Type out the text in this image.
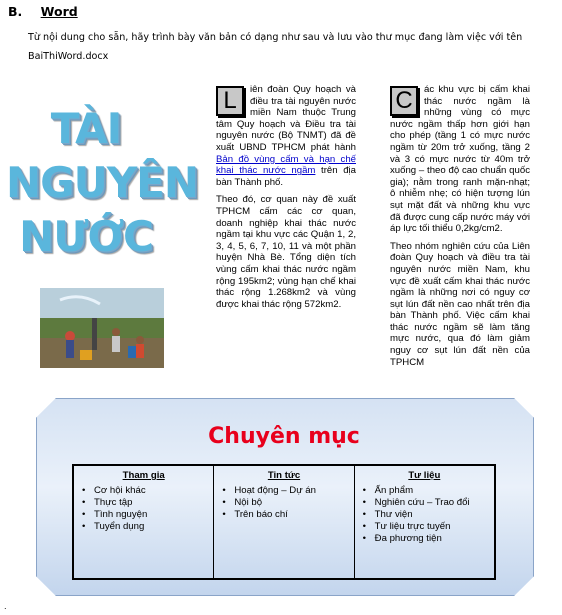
B. Word
Từ nội dung cho sẵn, hãy trình bày văn bản có dạng như sau và lưu vào thư mục đang làm việc với tên BaiThiWord.docx
TÀI
NGUYÊN
NƯỚC

L	iên đoàn Quy hoạch và điều tra tài nguyên nước miền Nam thuộc Trung tâm Quy hoạch và Điều tra tài nguyên nước (Bộ TNMT) đã đề xuất UBND TPHCM phát hành Bản đồ vùng cấm và hạn chế khai thác nước ngầm trên địa bàn Thành phố.

Theo đó, cơ quan này đề xuất TPHCM cấm các cơ quan, doanh nghiệp khai thác nước ngầm tại khu vực các Quận 1, 2, 3, 4, 5, 6, 7, 10, 11 và một phần huyện Nhà Bè. Tổng diện tích vùng cấm khai thác nước ngầm rộng 195km2; vùng hạn chế khai thác rộng 1.268km2 và vùng được khai thác rộng 572km2.

C	ác khu vực bị cấm khai thác nước ngầm là những vùng có mực nước ngầm thấp hơn giới hạn cho phép (tầng 1 có mực nước ngầm từ 20m trở xuống, tầng 2 và 3 có mực nước từ 40m trở xuống – theo độ cao chuẩn quốc gia); nằm trong ranh mặn-nhạt; ô nhiễm nhẹ; có hiện tượng lún sụt mặt đất và những khu vực đã được cung cấp nước máy với áp lực tối thiểu 0,2kg/cm2.

Theo nhóm nghiên cứu của Liên đoàn Quy hoạch và điều tra tài nguyên nước miền Nam, khu vực đề xuất cấm khai thác nước ngầm là những nơi có nguy cơ sụt lún đất nền cao nhất trên địa bàn Thành phố. Việc cấm khai thác nước ngầm sẽ làm tăng mực nước, qua đó làm giảm nguy cơ sụt lún đất nền của TPHCM

Chuyên mục
Tham gia
• Cơ hội khác
• Thực tập
• Tình nguyện
• Tuyển dụng
Tin tức
• Hoạt động – Dự án
• Nội bộ
• Trên báo chí
Tư liệu
• Ấn phẩm
• Nghiên cứu – Trao đổi
• Thư viện
• Tư liệu trực tuyến
• Đa phương tiện
.
